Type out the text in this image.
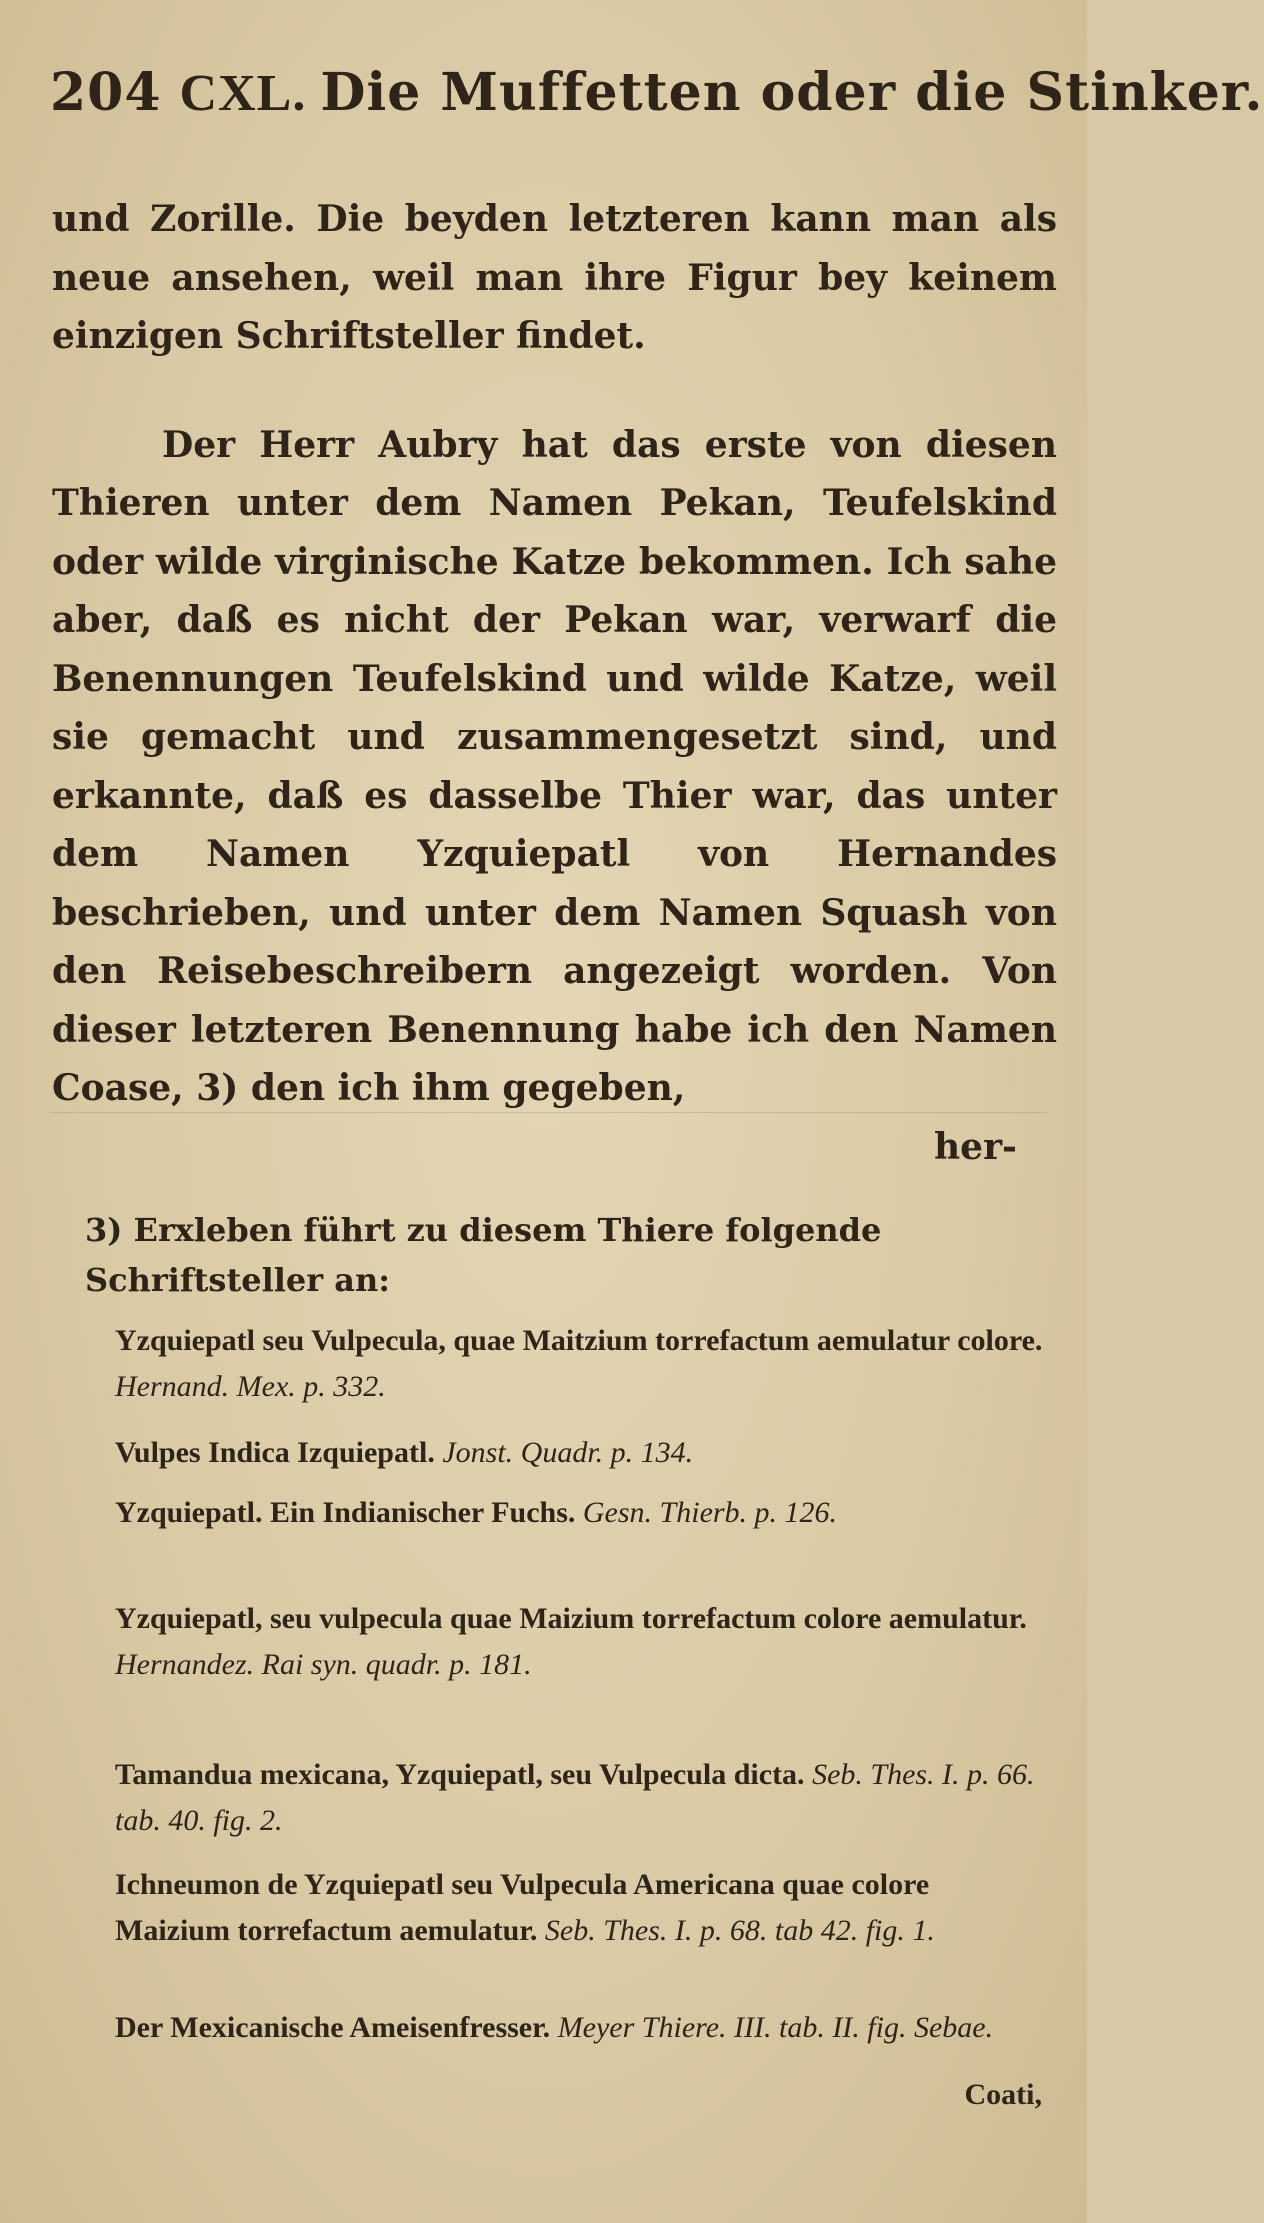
204 CXL. Die Muffetten oder die Stinker.

und Zorille. Die beyden letzteren kann man als neue ansehen, weil man ihre Figur bey keinem einzigen Schriftsteller findet.

Der Herr Aubry hat das erste von diesen Thieren unter dem Namen Pekan, Teufelskind oder wilde virginische Katze bekommen. Ich sahe aber, daß es nicht der Pekan war, verwarf die Benennungen Teufelskind und wilde Katze, weil sie gemacht und zusammengesetzt sind, und erkannte, daß es dasselbe Thier war, das unter dem Namen Yzquiepatl von Hernandes beschrieben, und unter dem Namen Squash von den Reisebeschreibern angezeigt worden. Von dieser letzteren Benennung habe ich den Namen Coase, 3) den ich ihm gegeben,

her-

3) Erxleben führt zu diesem Thiere folgende Schriftsteller an:
Yzquiepatl seu Vulpecula, quae Maitzium torrefactum aemulatur colore. Hernand. Mex. p. 332.
Vulpes Indica Izquiepatl. Jonst. Quadr. p. 134.
Yzquiepatl. Ein Indianischer Fuchs. Gesn. Thierb. p. 126.
Yzquiepatl, seu vulpecula quae Maizium torrefactum colore aemulatur. Hernandez. Rai syn. quadr. p. 181.
Tamandua mexicana, Yzquiepatl, seu Vulpecula dicta. Seb. Thes. I. p. 66. tab. 40. fig. 2.
Ichneumon de Yzquiepatl seu Vulpecula Americana quae colore Maizium torrefactum aemulatur. Seb. Thes. I. p. 68. tab 42. fig. 1.
Der Mexicanische Ameisenfresser. Meyer Thiere. III. tab. II. fig. Sebae.
Coati,
